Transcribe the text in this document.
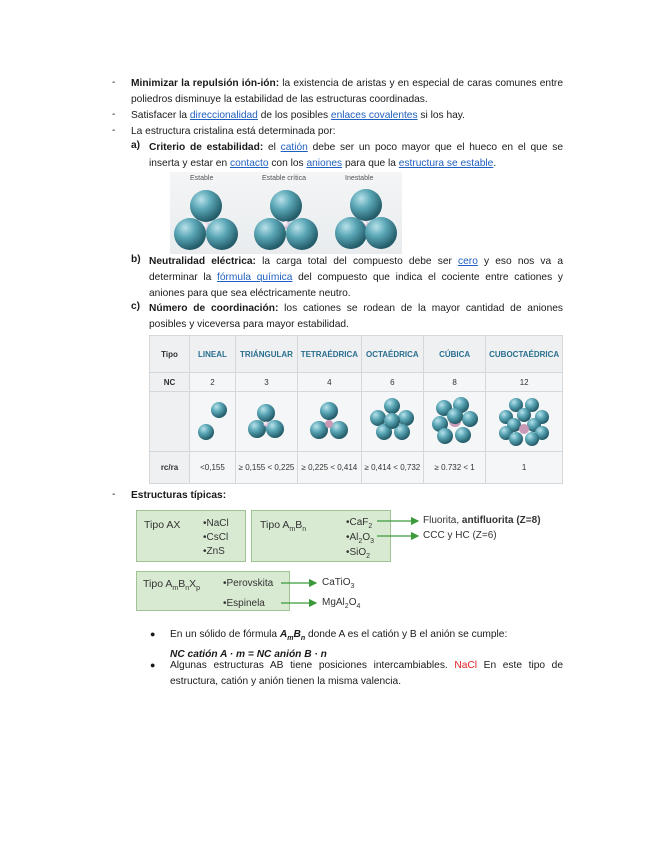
-	Minimizar la repulsión ión-ión: la existencia de aristas y en especial de caras comunes entre poliedros disminuye la estabilidad de las estructuras coordinadas.
-	Satisfacer la direccionalidad de los posibles enlaces covalentes si los hay.
-	La estructura cristalina está determinada por:
a) Criterio de estabilidad: el catión debe ser un poco mayor que el hueco en el que se inserta y estar en contacto con los aniones para que la estructura se estable.
Estable	Estable crítica	Inestable
b) Neutralidad eléctrica: la carga total del compuesto debe ser cero y eso nos va a determinar la fórmula química del compuesto que indica el cociente entre cationes y aniones para que sea eléctricamente neutro.
c) Número de coordinación: los cationes se rodean de la mayor cantidad de aniones posibles y viceversa para mayor estabilidad.
Tipo	LINEAL	TRIÁNGULAR	TETRAÉDRICA	OCTAÉDRICA	CÚBICA	CUBOCTAÉDRICA
NC	2	3	4	6	8	12

rc/ra	<0,155	≥ 0,155 < 0,225	≥ 0,225 < 0,414	≥ 0,414 < 0,732	≥ 0.732 < 1	1
-	Estructuras típicas:
Tipo AX •NaCl
•CsCl
•ZnS
Tipo $A_mB_n$
•CaF$_2$
$•Al_2O_3$
•SiO$_2$
Tipo $A_mB_nX_p$ •Perovskita
•Espinela
Fluorita, antifluorita (Z=8)
CCC y HC (Z=6)
CaTiO$_3$
$MgAl_2O_4$
● En un sólido de fórmula $A_mB_n$ donde A es el catión y B el anión se cumple:
NC catión A · m = NC anión B · n
● Algunas estructuras AB tiene posiciones intercambiables. NaCl En este tipo de estructura, catión y anión tienen la misma valencia.
